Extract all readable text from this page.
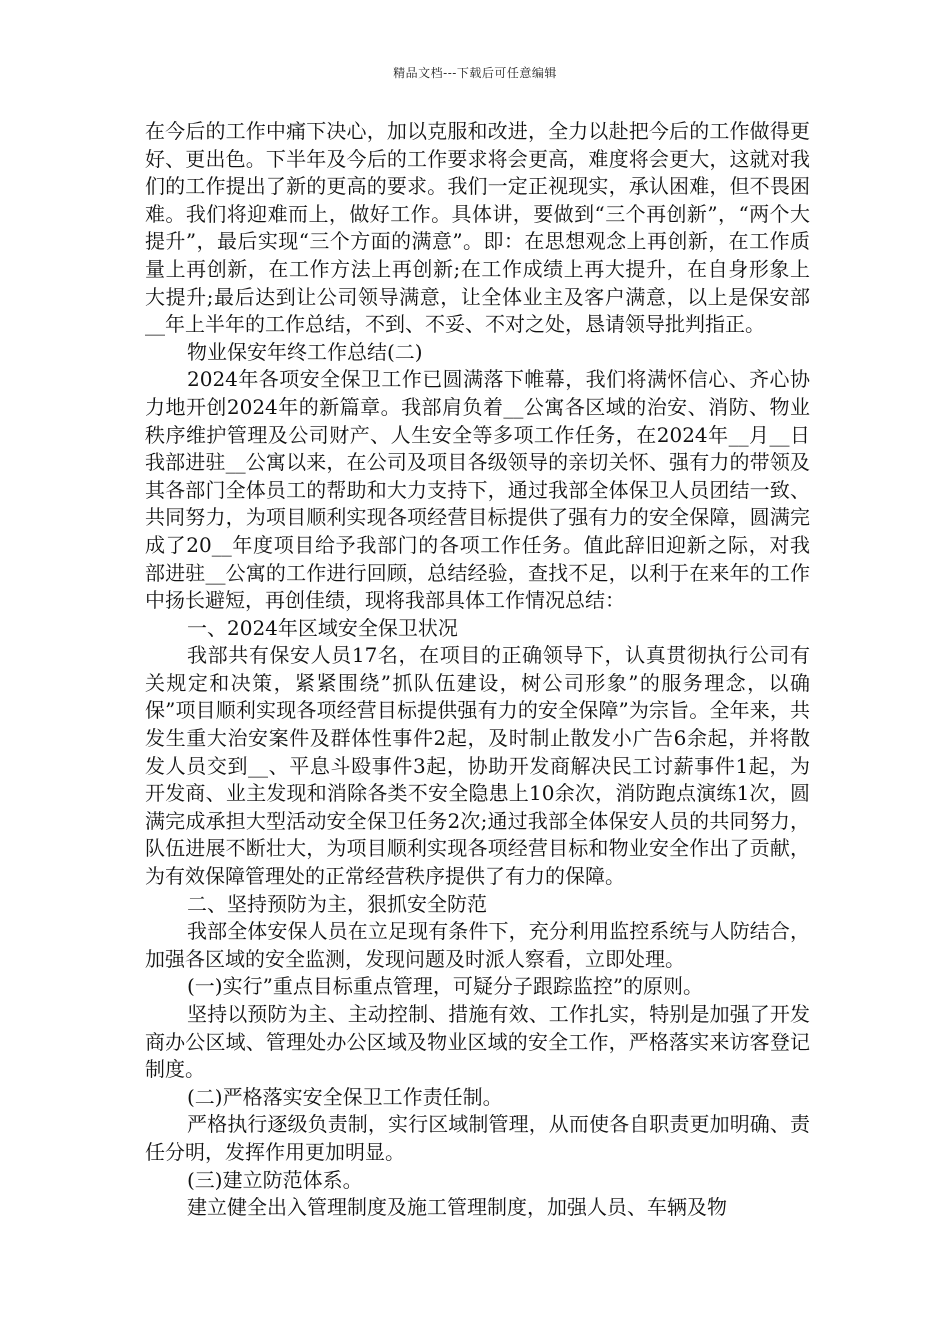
精品文档---下载后可任意编辑

在今后的工作中痛下决心，加以克服和改进，全力以赴把今后的工作做得更好、更出色。下半年及今后的工作要求将会更高，难度将会更大，这就对我们的工作提出了新的更高的要求。我们一定正视现实，承认困难，但不畏困难。我们将迎难而上，做好工作。具体讲，要做到“三个再创新”，“两个大提升”，最后实现“三个方面的满意”。即：在思想观念上再创新，在工作质量上再创新，在工作方法上再创新;在工作成绩上再大提升，在自身形象上大提升;最后达到让公司领导满意，让全体业主及客户满意，以上是保安部__年上半年的工作总结，不到、不妥、不对之处，恳请领导批判指正。

物业保安年终工作总结(二)

2024年各项安全保卫工作已圆满落下帷幕，我们将满怀信心、齐心协力地开创2024年的新篇章。我部肩负着__公寓各区域的治安、消防、物业秩序维护管理及公司财产、人生安全等多项工作任务，在2024年__月__日我部进驻__公寓以来，在公司及项目各级领导的亲切关怀、强有力的带领及其各部门全体员工的帮助和大力支持下，通过我部全体保卫人员团结一致、共同努力，为项目顺利实现各项经营目标提供了强有力的安全保障，圆满完成了20__年度项目给予我部门的各项工作任务。值此辞旧迎新之际，对我部进驻__公寓的工作进行回顾，总结经验，查找不足，以利于在来年的工作中扬长避短，再创佳绩，现将我部具体工作情况总结：

一、2024年区域安全保卫状况

我部共有保安人员17名，在项目的正确领导下，认真贯彻执行公司有关规定和决策，紧紧围绕”抓队伍建设，树公司形象”的服务理念，以确保”项目顺利实现各项经营目标提供强有力的安全保障”为宗旨。全年来，共发生重大治安案件及群体性事件2起，及时制止散发小广告6余起，并将散发人员交到__、平息斗殴事件3起，协助开发商解决民工讨薪事件1起，为开发商、业主发现和消除各类不安全隐患上10余次，消防跑点演练1次，圆满完成承担大型活动安全保卫任务2次;通过我部全体保安人员的共同努力，队伍进展不断壮大，为项目顺利实现各项经营目标和物业安全作出了贡献，为有效保障管理处的正常经营秩序提供了有力的保障。

二、坚持预防为主，狠抓安全防范

我部全体安保人员在立足现有条件下，充分利用监控系统与人防结合，加强各区域的安全监测，发现问题及时派人察看，立即处理。

(一)实行”重点目标重点管理，可疑分子跟踪监控”的原则。

坚持以预防为主、主动控制、措施有效、工作扎实，特别是加强了开发商办公区域、管理处办公区域及物业区域的安全工作，严格落实来访客登记制度。

(二)严格落实安全保卫工作责任制。

严格执行逐级负责制，实行区域制管理，从而使各自职责更加明确、责任分明，发挥作用更加明显。

(三)建立防范体系。

建立健全出入管理制度及施工管理制度，加强人员、车辆及物
